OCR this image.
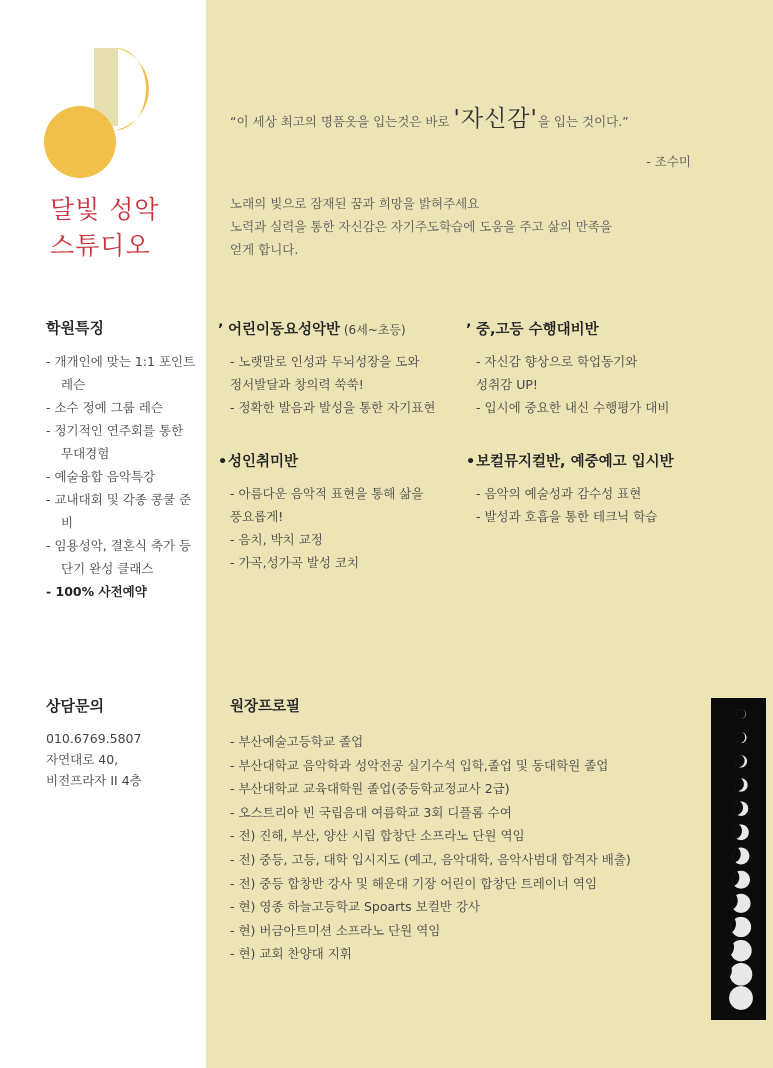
달빛 성악
스튜디오
학원특징
- 개개인에 맞는 1:1 포인트 레슨
- 소수 정예 그룹 레슨
- 정기적인 연주회를 통한 무대경험
- 예술융합 음악특강
- 교내대회 및 각종 콩쿨 준비
- 임용성악, 결혼식 축가 등 단기 완성 클래스
- 100% 사전예약
상담문의
010.6769.5807
자연대로 40,
비전프라자 II 4층
“이 세상 최고의 명품옷을 입는것은 바로 '자신감'을 입는 것이다.”
- 조수미
노래의 빛으로 잠재된 꿈과 희망을 밝혀주세요
노력과 실력을 통한 자신감은 자기주도학습에 도움을 주고 삶의 만족을
얻게 합니다.
’ 어린이동요성악반 (6세~초등)
- 노랫말로 인성과 두뇌성장을 도와
정서발달과 창의력 쑥쑥!
- 정확한 발음과 발성을 통한 자기표현
’ 중,고등 수행대비반
- 자신감 향상으로 학업동기와
성취감 UP!
- 입시에 중요한 내신 수행평가 대비
•성인취미반
- 아름다운 음악적 표현을 통해 삶을
풍요롭게!
- 음치, 박치 교정
- 가곡,성가곡 발성 코치
•보컬뮤지컬반, 예중예고 입시반
- 음악의 예술성과 감수성 표현
- 발성과 호흡을 통한 테크닉 학습
원장프로필
- 부산예술고등학교 졸업
- 부산대학교 음악학과 성악전공 실기수석 입학,졸업 및 동대학원 졸업
- 부산대학교 교육대학원 졸업(중등학교정교사 2급)
- 오스트리아 빈 국립음대 여름학교 3회 디플롬 수여
- 전) 진해, 부산, 양산 시립 합창단 소프라노 단원 역임
- 전) 중등, 고등, 대학 입시지도 (예고, 음악대학, 음악사범대 합격자 배출)
- 전) 중등 합창반 강사 및 해운대 기장 어린이 합창단 트레이너 역임
- 현) 영종 하늘고등학교 Spoarts 보컬반 강사
- 현) 버금아트미션 소프라노 단원 역임
- 현) 교회 찬양대 지휘
